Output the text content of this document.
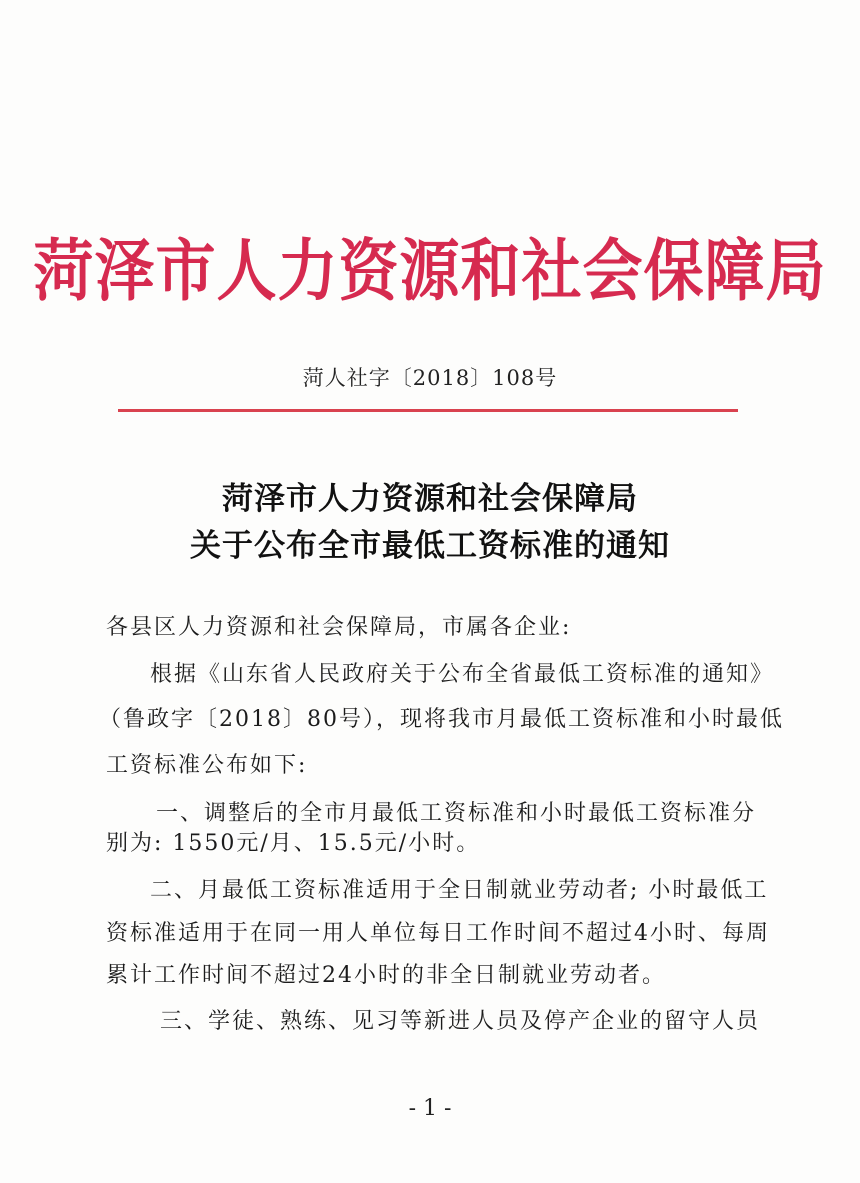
菏泽市人力资源和社会保障局
菏人社字〔2018〕108号
菏泽市人力资源和社会保障局
关于公布全市最低工资标准的通知
各县区人力资源和社会保障局，市属各企业:
根据《山东省人民政府关于公布全省最低工资标准的通知》
（鲁政字〔2018〕80号），现将我市月最低工资标准和小时最低
工资标准公布如下:
一、调整后的全市月最低工资标准和小时最低工资标准分
别为: 1550元/月、15.5元/小时。
二、月最低工资标准适用于全日制就业劳动者; 小时最低工
资标准适用于在同一用人单位每日工作时间不超过4小时、每周
累计工作时间不超过24小时的非全日制就业劳动者。
三、学徒、熟练、见习等新进人员及停产企业的留守人员
- 1 -
